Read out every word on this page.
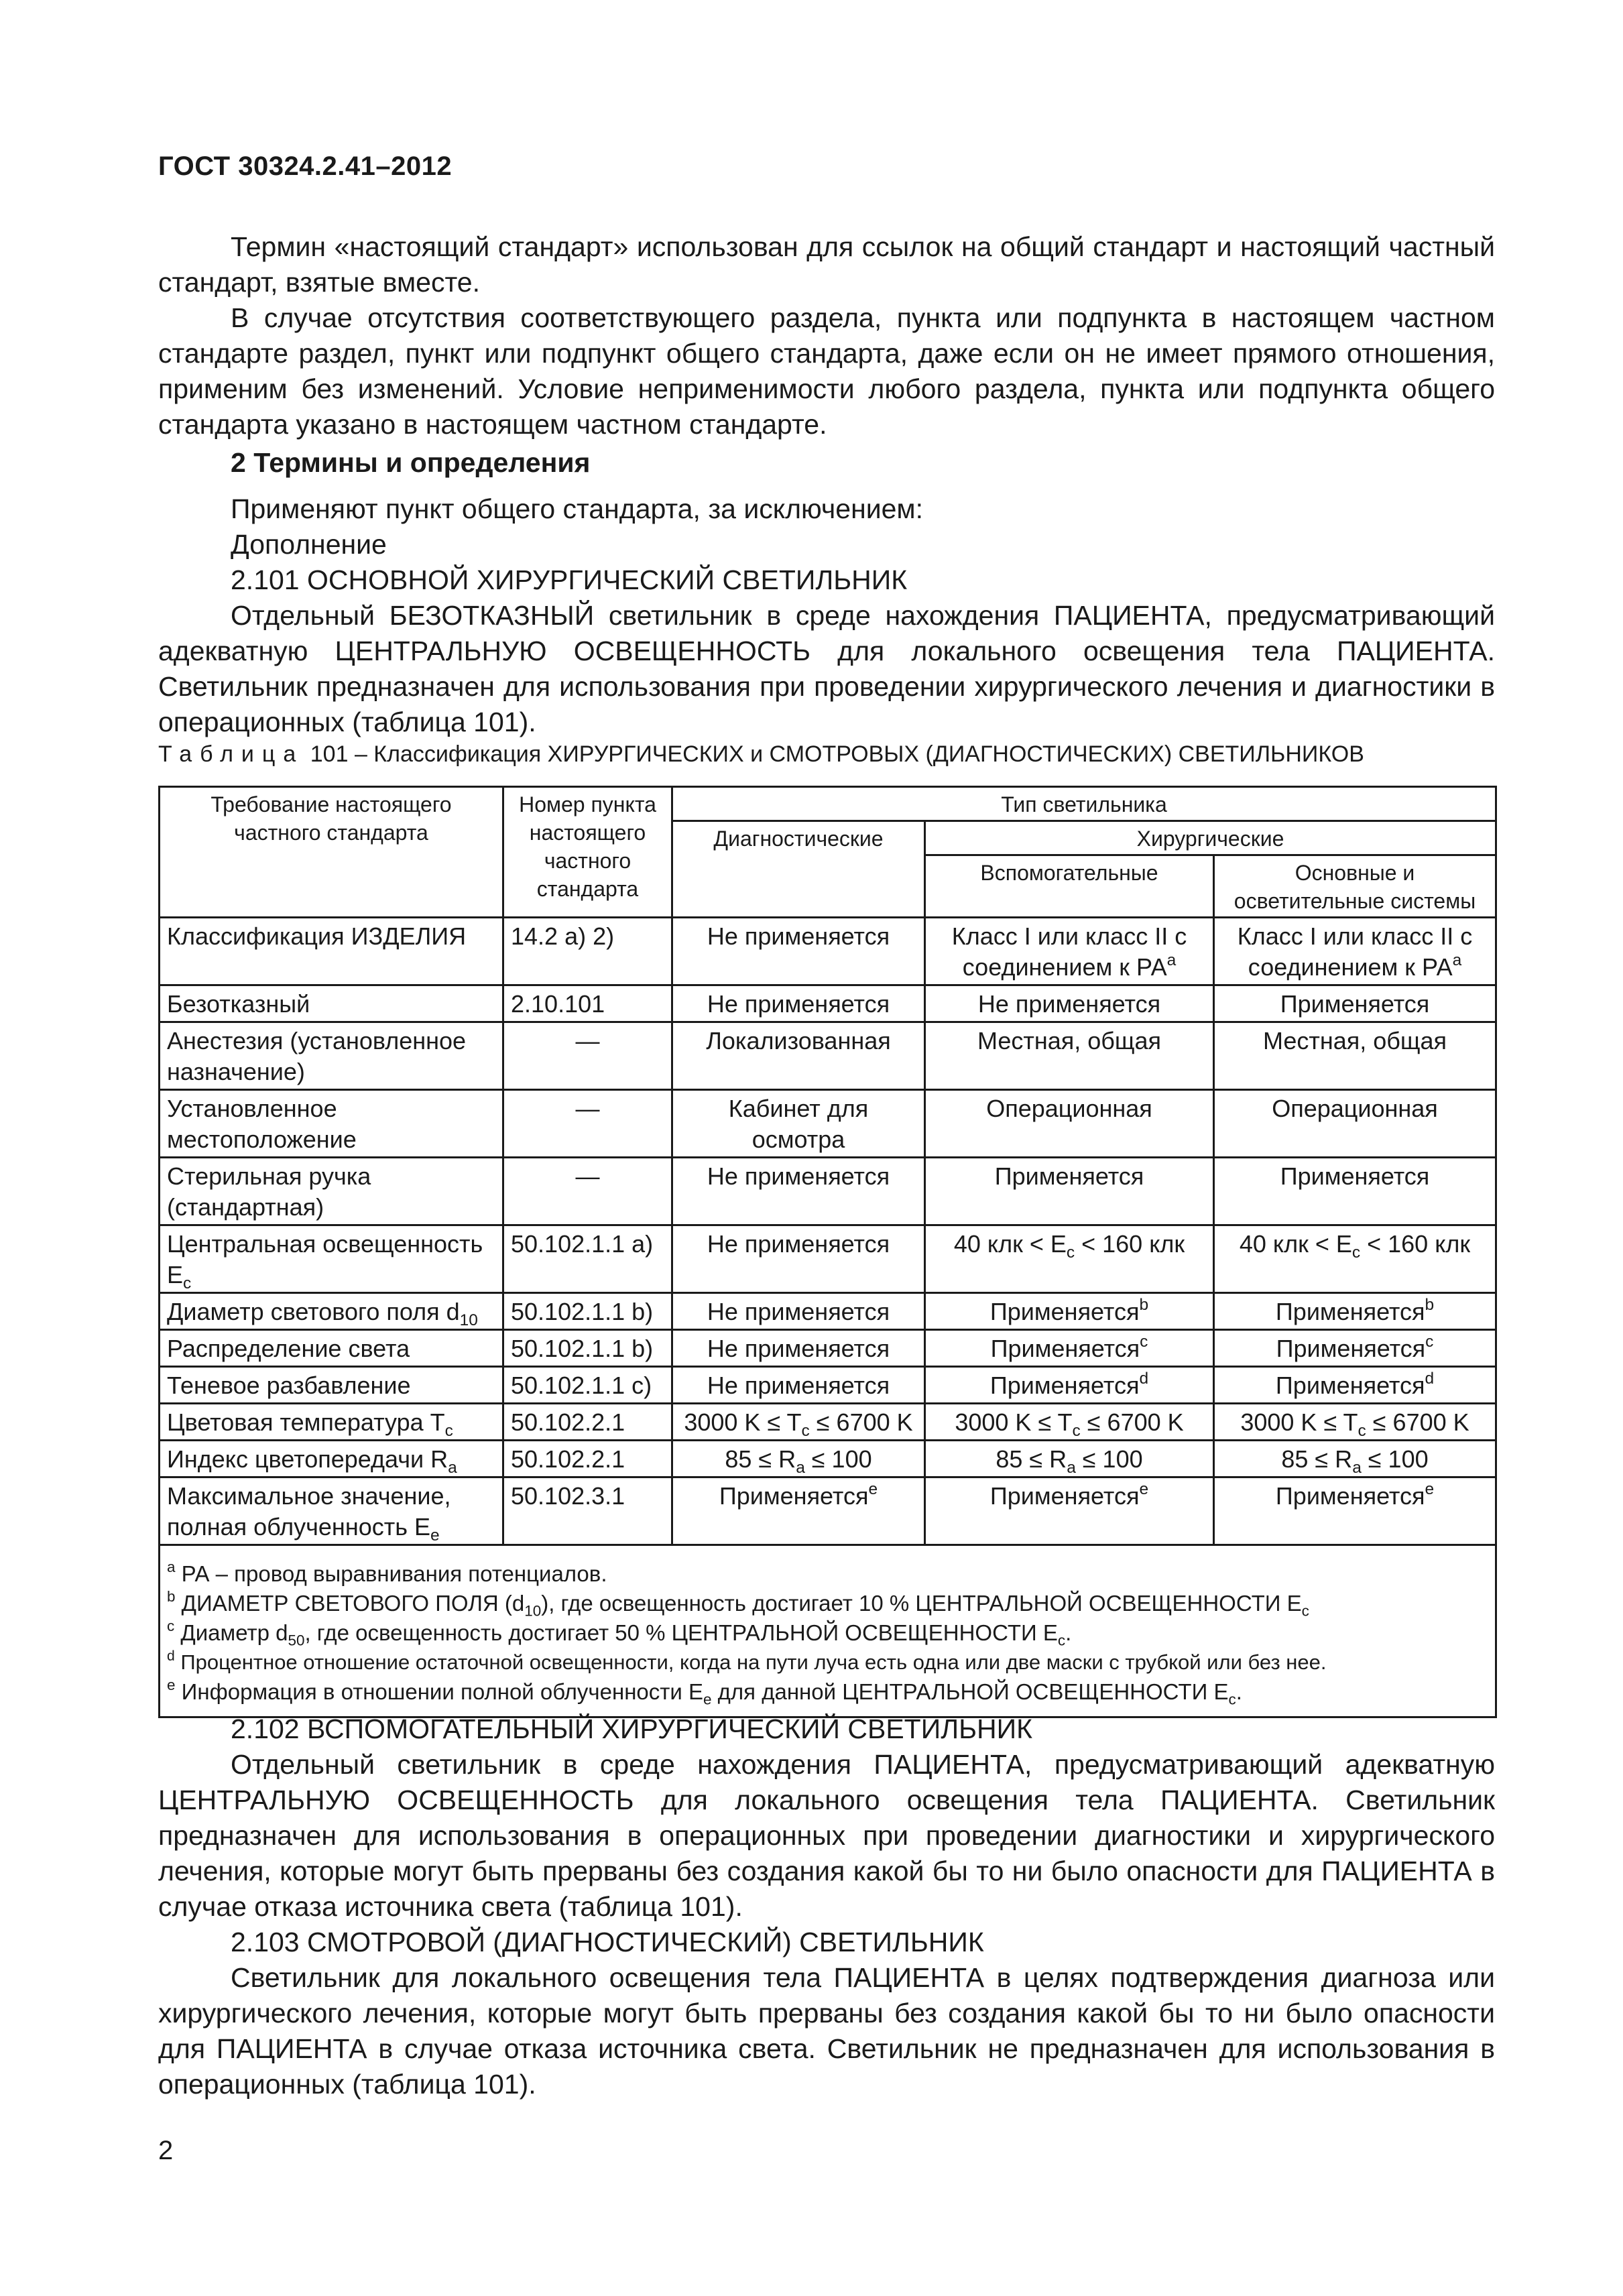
ГОСТ 30324.2.41–2012

Термин «настоящий стандарт» использован для ссылок на общий стандарт и настоящий частный стандарт, взятые вместе.

В случае отсутствия соответствующего раздела, пункта или подпункта в настоящем частном стандарте раздел, пункт или подпункт общего стандарта, даже если он не имеет прямого отношения, применим без изменений. Условие неприменимости любого раздела, пункта или подпункта общего стандарта указано в настоящем частном стандарте.

2 Термины и определения

Применяют пункт общего стандарта, за исключением:

Дополнение

2.101 ОСНОВНОЙ ХИРУРГИЧЕСКИЙ СВЕТИЛЬНИК

Отдельный БЕЗОТКАЗНЫЙ светильник в среде нахождения ПАЦИЕНТА, предусматривающий адекватную ЦЕНТРАЛЬНУЮ ОСВЕЩЕННОСТЬ для локального освещения тела ПАЦИЕНТА. Светильник предназначен для использования при проведении хирургического лечения и диагностики в операционных (таблица 101).

Таблица 101 – Классификация ХИРУРГИЧЕСКИХ и СМОТРОВЫХ (ДИАГНОСТИЧЕСКИХ) СВЕТИЛЬНИКОВ
Требование настоящего частного стандарта	Номер пункта настоящего частного стандарта	Тип светильника		
		Диагностические	Хирургические	
			Вспомогательные	Основные и осветительные системы
Классификация ИЗДЕЛИЯ	14.2 а) 2)	Не применяется	Класс I или класс II с соединением к $РА^a$	Класс I или класс II с соединением к $РА^a$
Безотказный	2.10.101	Не применяется	Не применяется	Применяется
Анестезия (установленное назначение)	—	Локализованная	Местная, общая	Местная, общая
Установленное местоположение	—	Кабинет для осмотра	Операционная	Операционная
Стерильная ручка (стандартная)	—	Не применяется	Применяется	Применяется
Центральная освещенность $E_c$	50.102.1.1 а)	Не применяется	40 клк < $E_c < 160$ клк	40 клк < $E_c < 160$ клк
Диаметр светового поля $d_{10}$	50.102.1.1 b)	Не применяется	Применяется$^b$	Применяется$^b$
Распределение света	50.102.1.1 b)	Не применяется	Применяется$^c$	Применяется$^c$
Теневое разбавление	50.102.1.1 с)	Не применяется	Применяется$^d$	Применяется$^d$
Цветовая температура $T_c$	50.102.2.1	3000 $K \le T_c \le 6700$ K	3000 $K \le T_c \le 6700$ K	3000 $K \le T_c \le 6700$ K
Индекс цветопередачи $R_a$	50.102.2.1	$85 \le R_a \le 100$	$85 \le R_a \le 100$	$85 \le R_a \le 100$
Максимальное значение, полная облученность $E_e$	50.102.3.1	Применяется$^e$	Применяется$^e$	Применяется$^e$

$^a$ РА – провод выравнивания потенциалов.
$^b$ ДИАМЕТР СВЕТОВОГО ПОЛЯ $(d_{10})$, где освещенность достигает 10 % ЦЕНТРАЛЬНОЙ ОСВЕЩЕННОСТИ $E_c$
$^c$ Диаметр $d_{50}$, где освещенность достигает 50 % ЦЕНТРАЛЬНОЙ ОСВЕЩЕННОСТИ $E_c$.
$^d$ Процентное отношение остаточной освещенности, когда на пути луча есть одна или две маски с трубкой или без нее.
$^e$ Информация в отношении полной облученности $E_e$ для данной ЦЕНТРАЛЬНОЙ ОСВЕЩЕННОСТИ $E_c$.				

2.102 ВСПОМОГАТЕЛЬНЫЙ ХИРУРГИЧЕСКИЙ СВЕТИЛЬНИК

Отдельный светильник в среде нахождения ПАЦИЕНТА, предусматривающий адекватную ЦЕНТРАЛЬНУЮ ОСВЕЩЕННОСТЬ для локального освещения тела ПАЦИЕНТА. Светильник предназначен для использования в операционных при проведении диагностики и хирургического лечения, которые могут быть прерваны без создания какой бы то ни было опасности для ПАЦИЕНТА в случае отказа источника света (таблица 101).

2.103 СМОТРОВОЙ (ДИАГНОСТИЧЕСКИЙ) СВЕТИЛЬНИК

Светильник для локального освещения тела ПАЦИЕНТА в целях подтверждения диагноза или хирургического лечения, которые могут быть прерваны без создания какой бы то ни было опасности для ПАЦИЕНТА в случае отказа источника света. Светильник не предназначен для использования в операционных (таблица 101).

2
